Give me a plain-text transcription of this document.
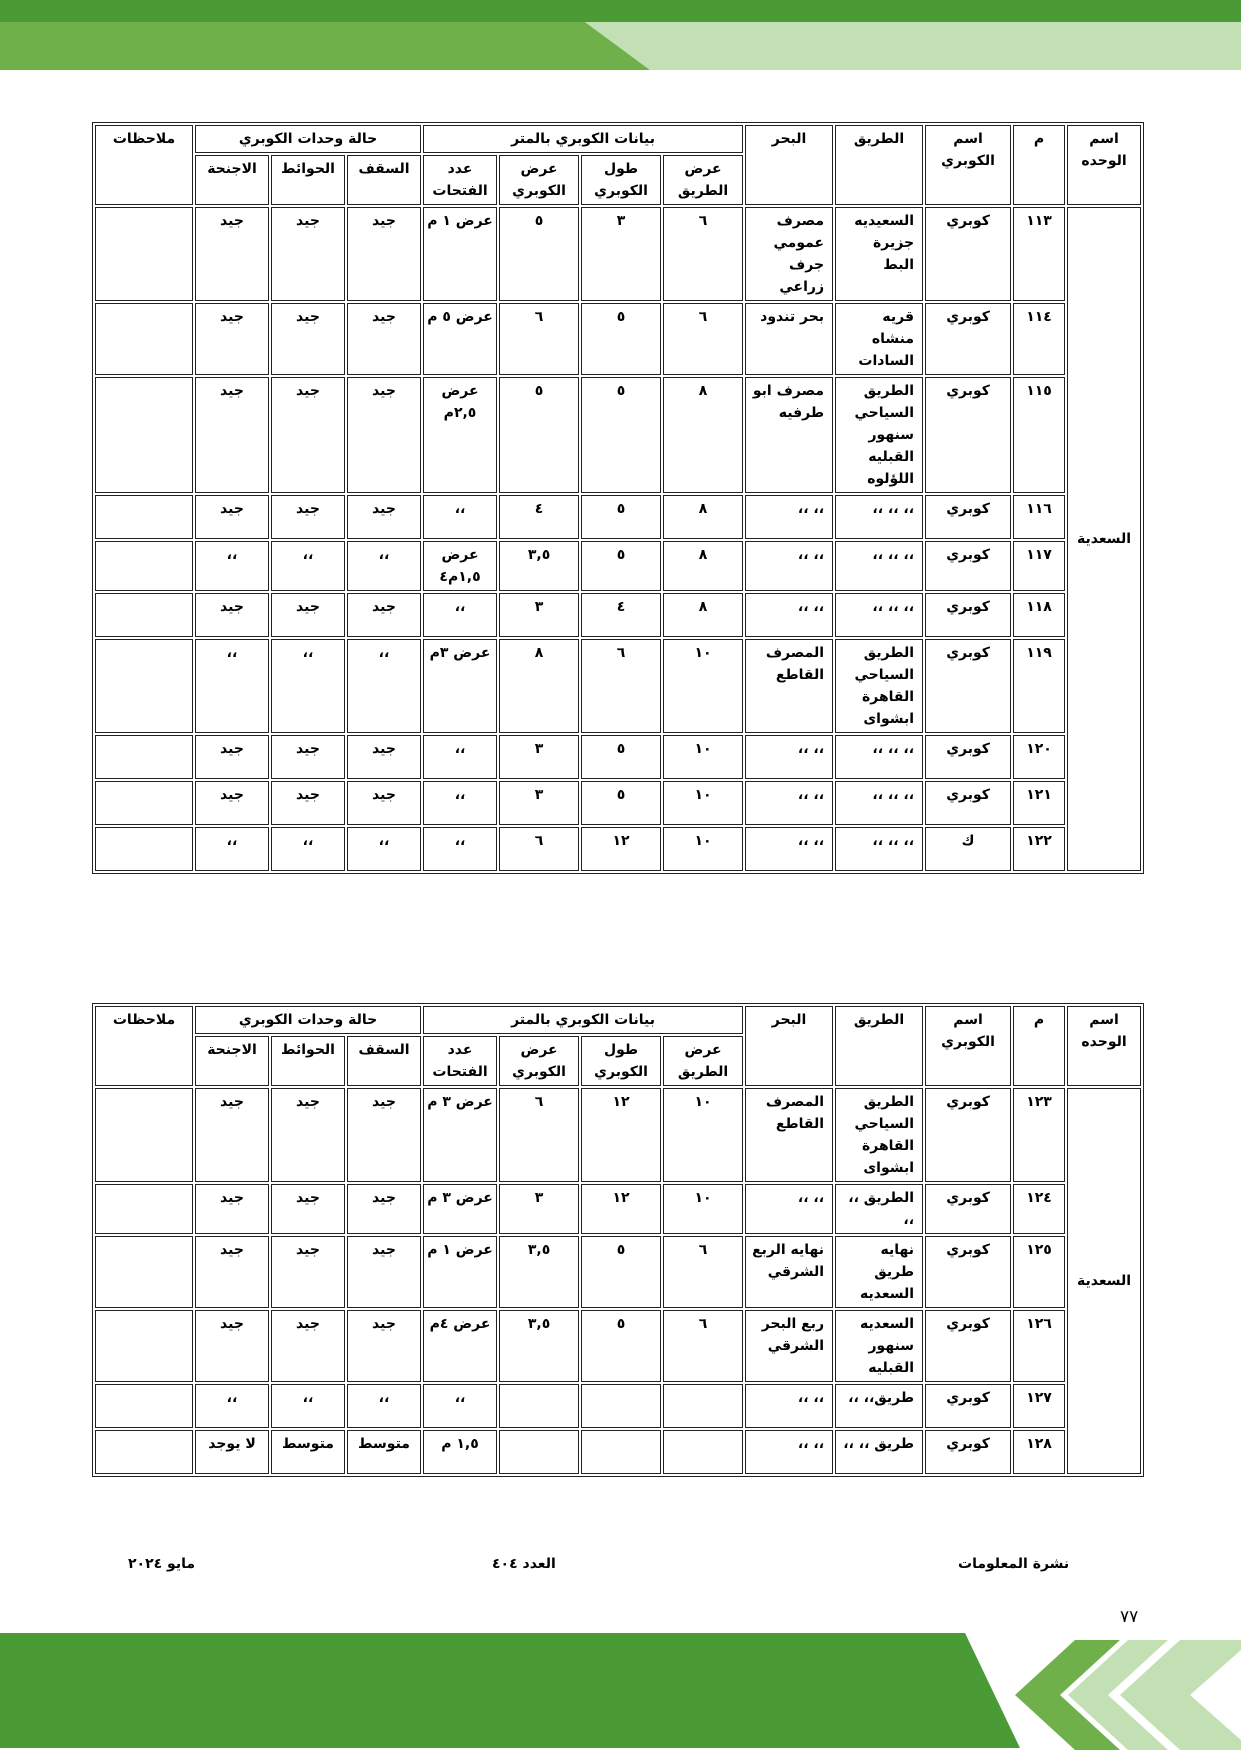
اسم الوحده	م	اسم الكوبري	الطريق	البحر	بيانات الكوبري بالمتر				حالة وحدات الكوبري			ملاحظات
					عرض الطريق	طول الكوبري	عرض الكوبري	عدد الفتحات	السقف	الحوائط	الاجنحة	
السعدية	١١٣	كوبري	السعيديه جزيرة البط	مصرف عمومي جرف زراعي	٦	٣	٥	عرض ١ م	جيد	جيد	جيد	
	١١٤	كوبري	قريه منشاه السادات	بحر تندود	٦	٥	٦	عرض ٥ م	جيد	جيد	جيد	
	١١٥	كوبري	الطريق السياحي سنهور القبليه اللؤلوه	مصرف ابو طرفيه	٨	٥	٥	عرض ٢,٥م	جيد	جيد	جيد	
	١١٦	كوبري	،، ،، ،،	،، ،،	٨	٥	٤	،،	جيد	جيد	جيد	
	١١٧	كوبري	،، ،، ،،	،، ،،	٨	٥	٣,٥	عرض ١,٥م٤	،،	،،	،،	
	١١٨	كوبري	،، ،، ،،	،، ،،	٨	٤	٣	،،	جيد	جيد	جيد	
	١١٩	كوبري	الطريق السياحي القاهرة ابشواى	المصرف القاطع	١٠	٦	٨	عرض ٣م	،،	،،	،،	
	١٢٠	كوبري	،، ،، ،،	،، ،،	١٠	٥	٣	،،	جيد	جيد	جيد	
	١٢١	كوبري	،، ،، ،،	،، ،،	١٠	٥	٣	،،	جيد	جيد	جيد	
	١٢٢	ك	،، ،، ،،	،، ،،	١٠	١٢	٦	،،	،،	،،	،،	
اسم الوحده	م	اسم الكوبري	الطريق	البحر	بيانات الكوبري بالمتر				حالة وحدات الكوبري			ملاحظات
					عرض الطريق	طول الكوبري	عرض الكوبري	عدد الفتحات	السقف	الحوائط	الاجنحة	
السعدية	١٢٣	كوبري	الطريق السياحي القاهرة ابشواى	المصرف القاطع	١٠	١٢	٦	عرض ٣ م	جيد	جيد	جيد	
	١٢٤	كوبري	الطريق ،، ،،	،، ،،	١٠	١٢	٣	عرض ٣ م	جيد	جيد	جيد	
	١٢٥	كوبري	نهايه طريق السعديه	نهايه الربع الشرقي	٦	٥	٣,٥	عرض ١ م	جيد	جيد	جيد	
	١٢٦	كوبري	السعديه سنهور القبليه	ربع البحر الشرقي	٦	٥	٣,٥	عرض ٤م	جيد	جيد	جيد	
	١٢٧	كوبري	طريق،، ،،	،، ،،				،،	،،	،،	،،	
	١٢٨	كوبري	طريق ،، ،،	،، ،،				١,٥ م	متوسط	متوسط	لا يوجد	
نشرة المعلومات
العدد ٤٠٤
مايو ٢٠٢٤
٧٧
